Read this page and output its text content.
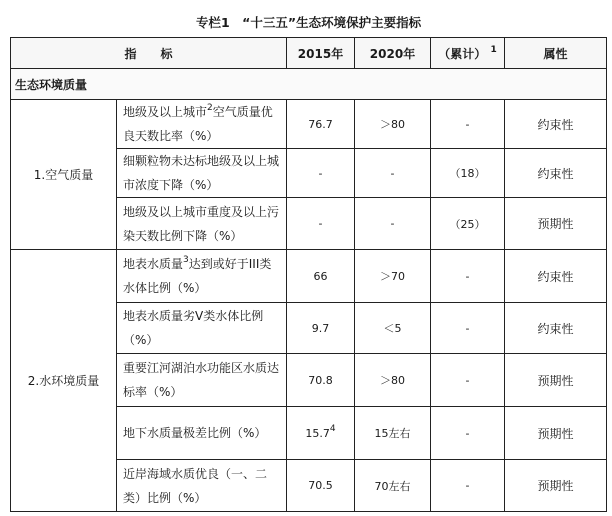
专栏1　“十三五”生态环境保护主要指标					
指　　标		2015年	2020年	（累计） $^1$	属性
生态环境质量					
1.空气质量	地级及以上城市$^2$空气质量优良天数比率（%）	76.7	＞80	-	约束性
	细颗粒物未达标地级及以上城市浓度下降（%）	-	-	（18）	约束性
	地级及以上城市重度及以上污染天数比例下降（%）	-	-	（25）	预期性
2.水环境质量	地表水质量$^3$达到或好于III类水体比例（%）	66	＞70	-	约束性
	地表水质量劣V类水体比例（%）	9.7	＜5	-	约束性
	重要江河湖泊水功能区水质达标率（%）	70.8	＞80	-	预期性
	地下水质量极差比例（%）	15.7$^4$	15左右	-	预期性
	近岸海域水质优良（一、二类）比例（%）	70.5	70左右	-	预期性
